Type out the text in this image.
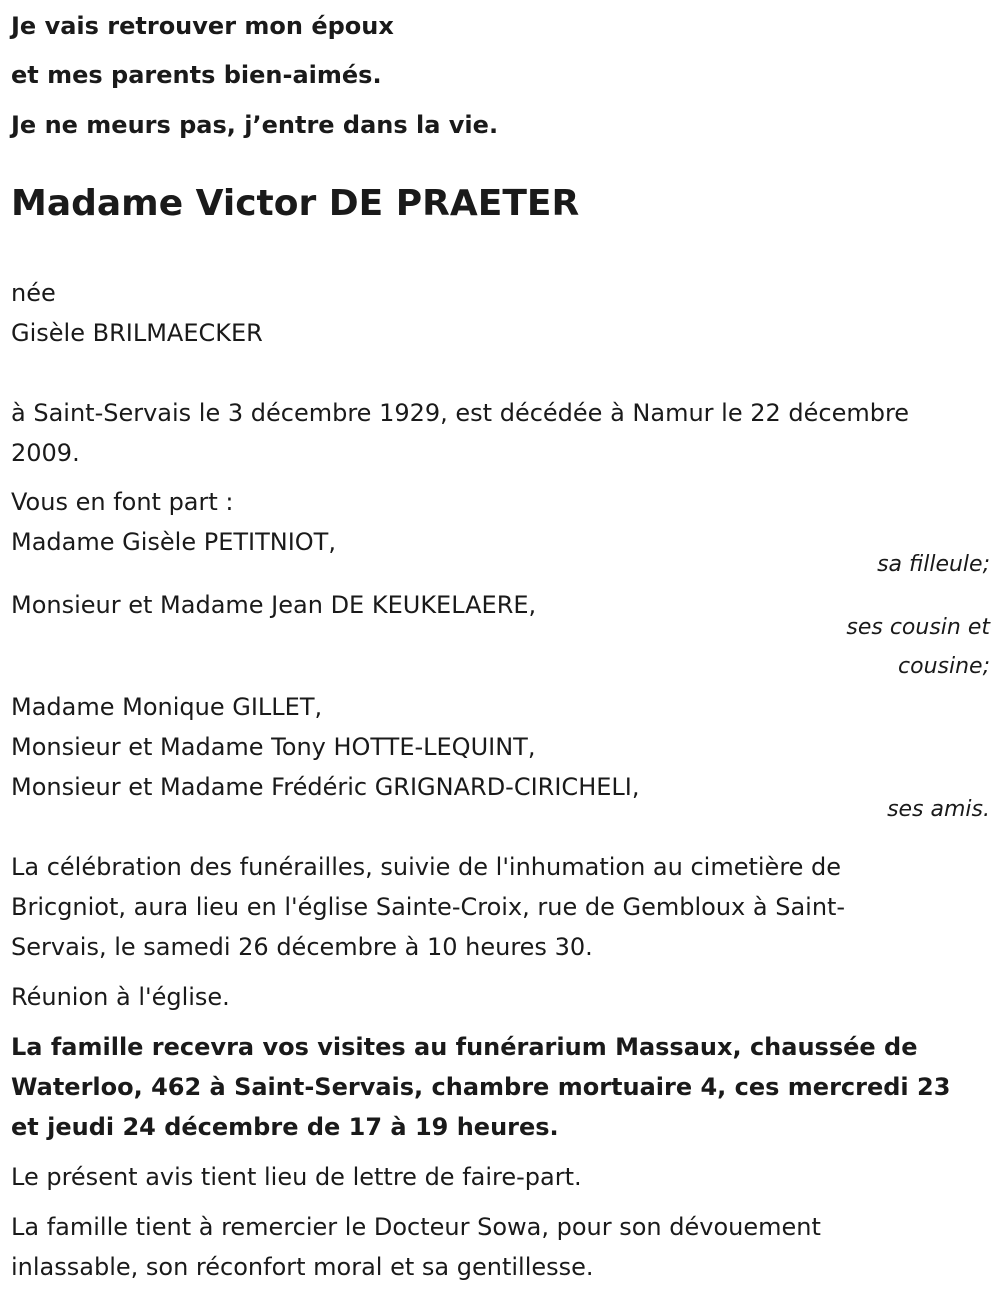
Je vais retrouver mon époux
et mes parents bien-aimés.
Je ne meurs pas, j’entre dans la vie.
Madame Victor DE PRAETER
née
Gisèle BRILMAECKER
à Saint-Servais le 3 décembre 1929, est décédée à Namur le 22 décembre
2009.
Vous en font part :
Madame Gisèle PETITNIOT,
sa filleule;
Monsieur et Madame Jean DE KEUKELAERE,
ses cousin et
cousine;
Madame Monique GILLET,
Monsieur et Madame Tony HOTTE-LEQUINT,
Monsieur et Madame Frédéric GRIGNARD-CIRICHELI,
ses amis.
La célébration des funérailles, suivie de l'inhumation au cimetière de
Bricgniot, aura lieu en l'église Sainte-Croix, rue de Gembloux à Saint-
Servais, le samedi 26 décembre à 10 heures 30.
Réunion à l'église.
La famille recevra vos visites au funérarium Massaux, chaussée de
Waterloo, 462 à Saint-Servais, chambre mortuaire 4, ces mercredi 23
et jeudi 24 décembre de 17 à 19 heures.
Le présent avis tient lieu de lettre de faire-part.
La famille tient à remercier le Docteur Sowa, pour son dévouement
inlassable, son réconfort moral et sa gentillesse.
